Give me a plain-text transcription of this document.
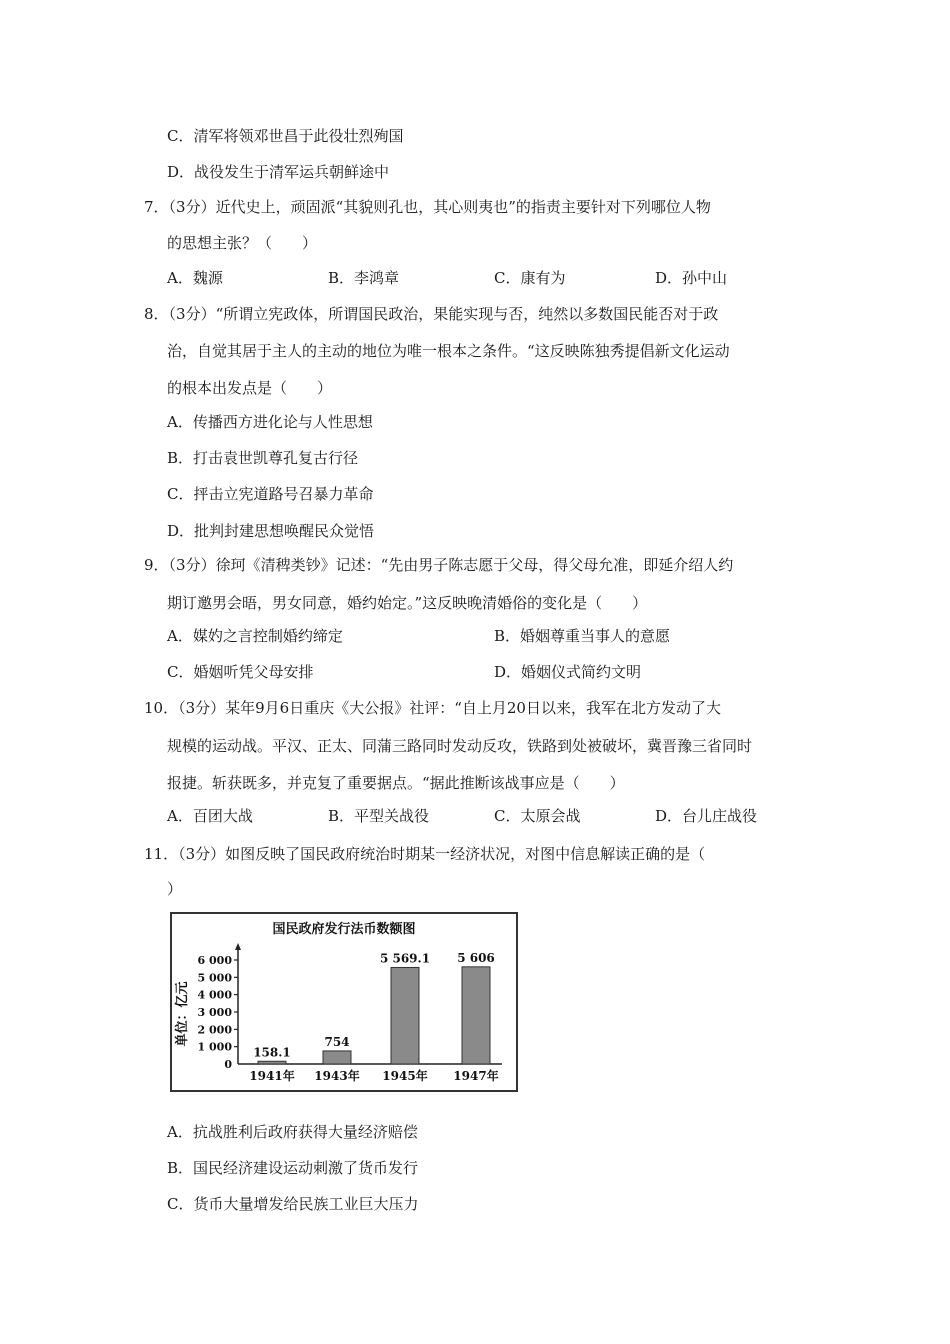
C．清军将领邓世昌于此役壮烈殉国
D．战役发生于清军运兵朝鲜途中
7．（3分）近代史上，顽固派“其貌则孔也，其心则夷也”的指责主要针对下列哪位人物
的思想主张？（　　）
A．魏源	B．李鸿章	C．康有为	D．孙中山
8．（3分）“所谓立宪政体，所谓国民政治，果能实现与否，纯然以多数国民能否对于政
治，自觉其居于主人的主动的地位为唯一根本之条件。“这反映陈独秀提倡新文化运动
的根本出发点是（　　）
A．传播西方进化论与人性思想
B．打击袁世凯尊孔复古行径
C．抨击立宪道路号召暴力革命
D．批判封建思想唤醒民众觉悟
9．（3分）徐珂《清稗类钞》记述：“先由男子陈志愿于父母，得父母允准，即延介绍人约
期订邀男会晤，男女同意，婚约始定。”这反映晚清婚俗的变化是（　　）
A．媒妁之言控制婚约缔定	B．婚姻尊重当事人的意愿
C．婚姻听凭父母安排	D．婚姻仪式简约文明
10．（3分）某年9月6日重庆《大公报》社评：“自上月20日以来，我军在北方发动了大
规模的运动战。平汉、正太、同蒲三路同时发动反攻，铁路到处被破坏，冀晋豫三省同时
报捷。斩获既多，并克复了重要据点。“据此推断该战事应是（　　）
A．百团大战	B．平型关战役	C．太原会战	D．台儿庄战役
11．（3分）如图反映了国民政府统治时期某一经济状况，对图中信息解读正确的是（
）
国民政府发行法币数额图
单位：亿元
0
1 000
2 000
3 000
4 000
5 000
6 000
158.1
1941年
754
1943年
5 569.1
1945年
5 606
1947年
A．抗战胜利后政府获得大量经济赔偿
B．国民经济建设运动刺激了货币发行
C．货币大量增发给民族工业巨大压力
